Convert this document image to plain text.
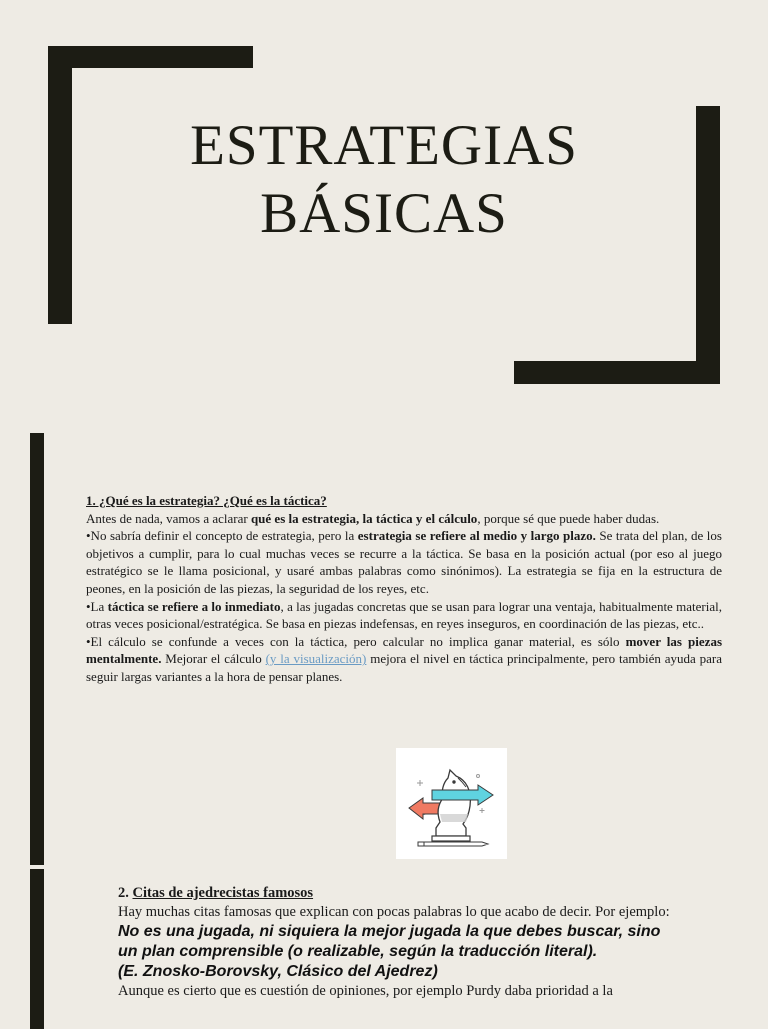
ESTRATEGIAS
BÁSICAS

1. ¿Qué es la estrategia? ¿Qué es la táctica?

Antes de nada, vamos a aclarar qué es la estrategia, la táctica y el cálculo, porque sé que puede haber dudas.

•No sabría definir el concepto de estrategia, pero la estrategia se refiere al medio y largo plazo. Se trata del plan, de los objetivos a cumplir, para lo cual muchas veces se recurre a la táctica. Se basa en la posición actual (por eso al juego estratégico se le llama posicional, y usaré ambas palabras como sinónimos). La estrategia se fija en la estructura de peones, en la posición de las piezas, la seguridad de los reyes, etc.

•La táctica se refiere a lo inmediato, a las jugadas concretas que se usan para lograr una ventaja, habitualmente material, otras veces posicional/estratégica. Se basa en piezas indefensas, en reyes inseguros, en coordinación de las piezas, etc..

•El cálculo se confunde a veces con la táctica, pero calcular no implica ganar material, es sólo mover las piezas mentalmente. Mejorar el cálculo (y la visualización) mejora el nivel en táctica principalmente, pero también ayuda para seguir largas variantes a la hora de pensar planes.

2. Citas de ajedrecistas famosos

Hay muchas citas famosas que explican con pocas palabras lo que acabo de decir. Por ejemplo:

No es una jugada, ni siquiera la mejor jugada la que debes buscar, sino
un plan comprensible (o realizable, según la traducción literal).
(E. Znosko-Borovsky, Clásico del Ajedrez)

Aunque es cierto que es cuestión de opiniones, por ejemplo Purdy daba prioridad a la
